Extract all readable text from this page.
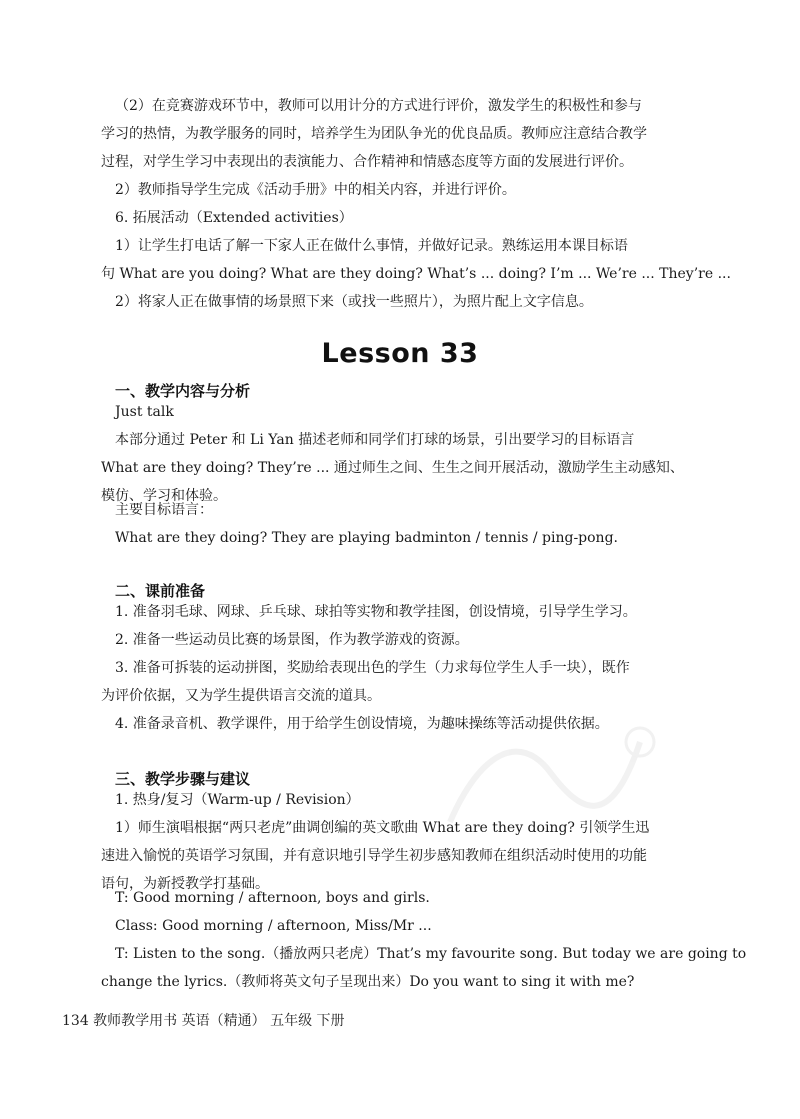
（2）在竞赛游戏环节中，教师可以用计分的方式进行评价，激发学生的积极性和参与
学习的热情，为教学服务的同时，培养学生为团队争光的优良品质。教师应注意结合教学
过程，对学生学习中表现出的表演能力、合作精神和情感态度等方面的发展进行评价。
2）教师指导学生完成《活动手册》中的相关内容，并进行评价。
6. 拓展活动（Extended activities）
1）让学生打电话了解一下家人正在做什么事情，并做好记录。熟练运用本课目标语
句 What are you doing? What are they doing? What’s ... doing? I’m ... We’re ... They’re ...
2）将家人正在做事情的场景照下来（或找一些照片），为照片配上文字信息。
Lesson 33
一、教学内容与分析
Just talk
本部分通过 Peter 和 Li Yan 描述老师和同学们打球的场景，引出要学习的目标语言
What are they doing? They’re ... 通过师生之间、生生之间开展活动，激励学生主动感知、
模仿、学习和体验。
主要目标语言：
What are they doing? They are playing badminton / tennis / ping-pong.
二、课前准备
1. 准备羽毛球、网球、乒乓球、球拍等实物和教学挂图，创设情境，引导学生学习。
2. 准备一些运动员比赛的场景图，作为教学游戏的资源。
3. 准备可拆装的运动拼图，奖励给表现出色的学生（力求每位学生人手一块），既作
为评价依据，又为学生提供语言交流的道具。
4. 准备录音机、教学课件，用于给学生创设情境，为趣味操练等活动提供依据。
三、教学步骤与建议
1. 热身/复习（Warm-up / Revision）
1）师生演唱根据“两只老虎”曲调创编的英文歌曲 What are they doing? 引领学生迅
速进入愉悦的英语学习氛围，并有意识地引导学生初步感知教师在组织活动时使用的功能
语句，为新授教学打基础。
T: Good morning / afternoon, boys and girls.
Class: Good morning / afternoon, Miss/Mr ...
T: Listen to the song.（播放两只老虎）That’s my favourite song. But today we are going to
change the lyrics.（教师将英文句子呈现出来）Do you want to sing it with me?
134 教师教学用书 英语（精通） 五年级 下册
